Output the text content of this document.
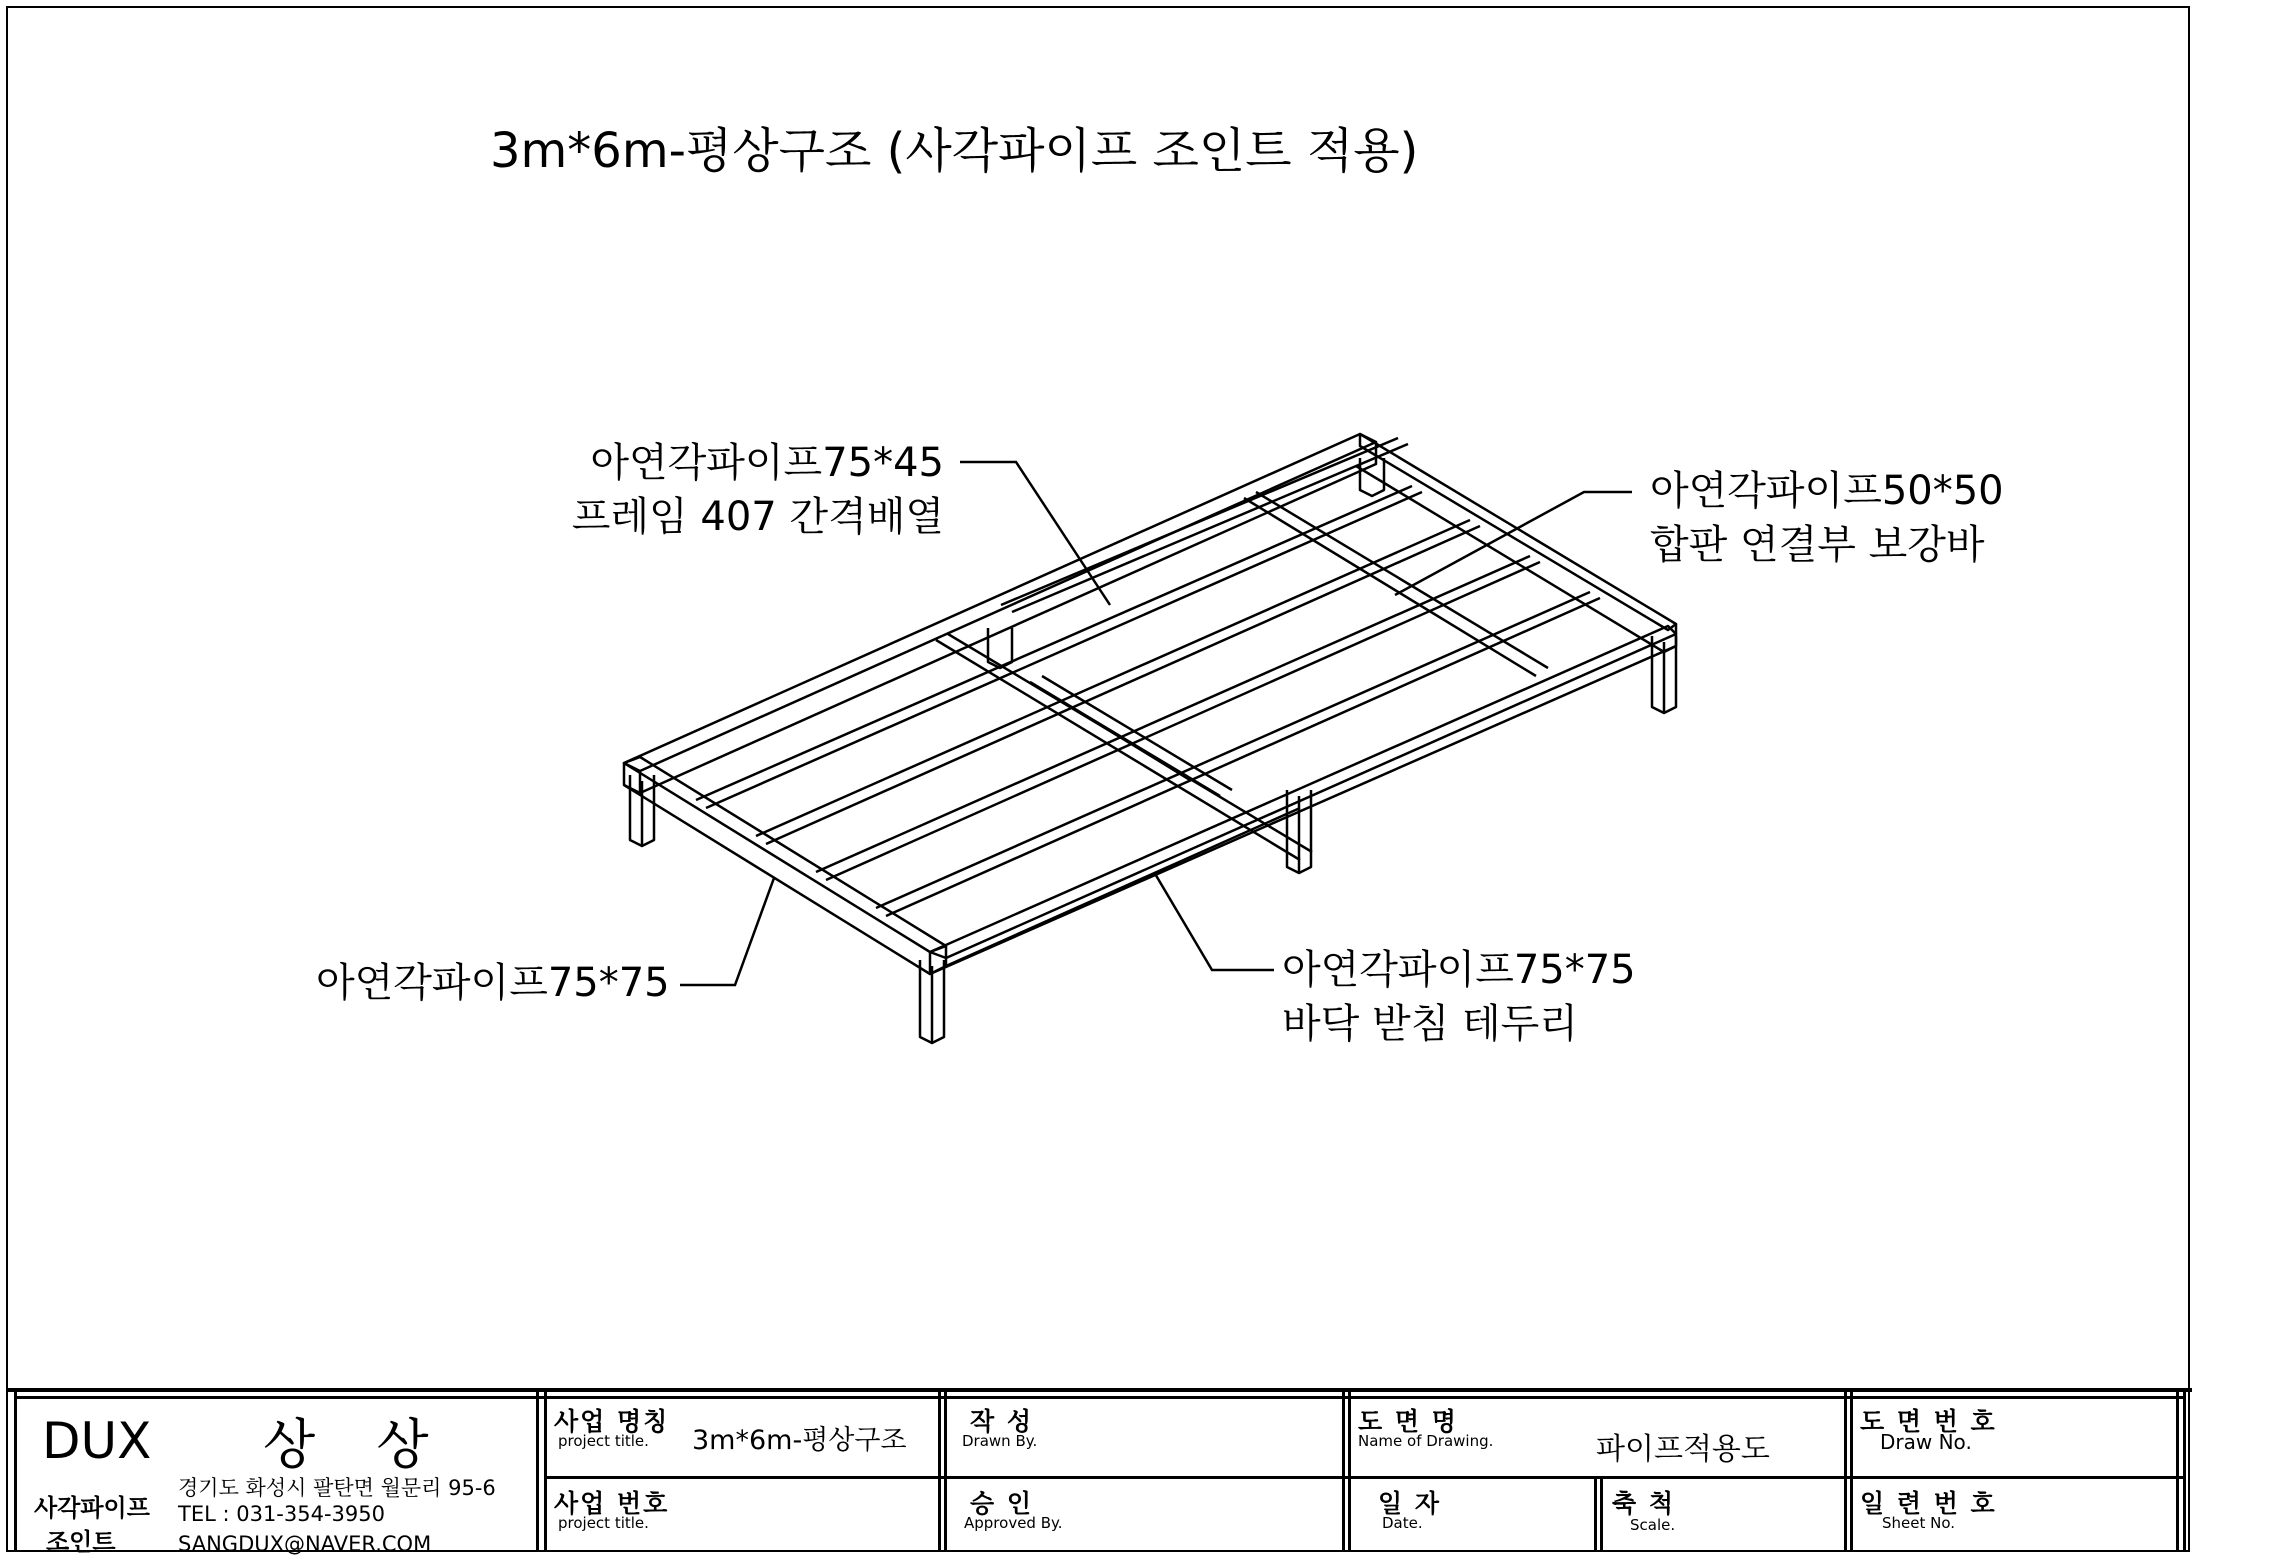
3m*6m-평상구조 (사각파이프 조인트 적용)
아연각파이프75*45
프레임 407 간격배열
아연각파이프50*50
합판 연결부 보강바
아연각파이프75*75	아연각파이프75*75
바닥 받침 테두리
DUX 상 상
사각파이프
조인트
경기도 화성시 팔탄면 월문리 95-6
TEL : 031-354-3950
SANGDUX@NAVER.COM
사업 명칭
project title. 3m*6m-평상구조
사업 번호
project title.
작 성
Drawn By.
승 인
Approved By.
도 면 명
Name of Drawing.	파이프적용도
일 자
Date.
축 척
Scale.
도 면 번 호
Draw No.
일 련 번 호
Sheet No.
